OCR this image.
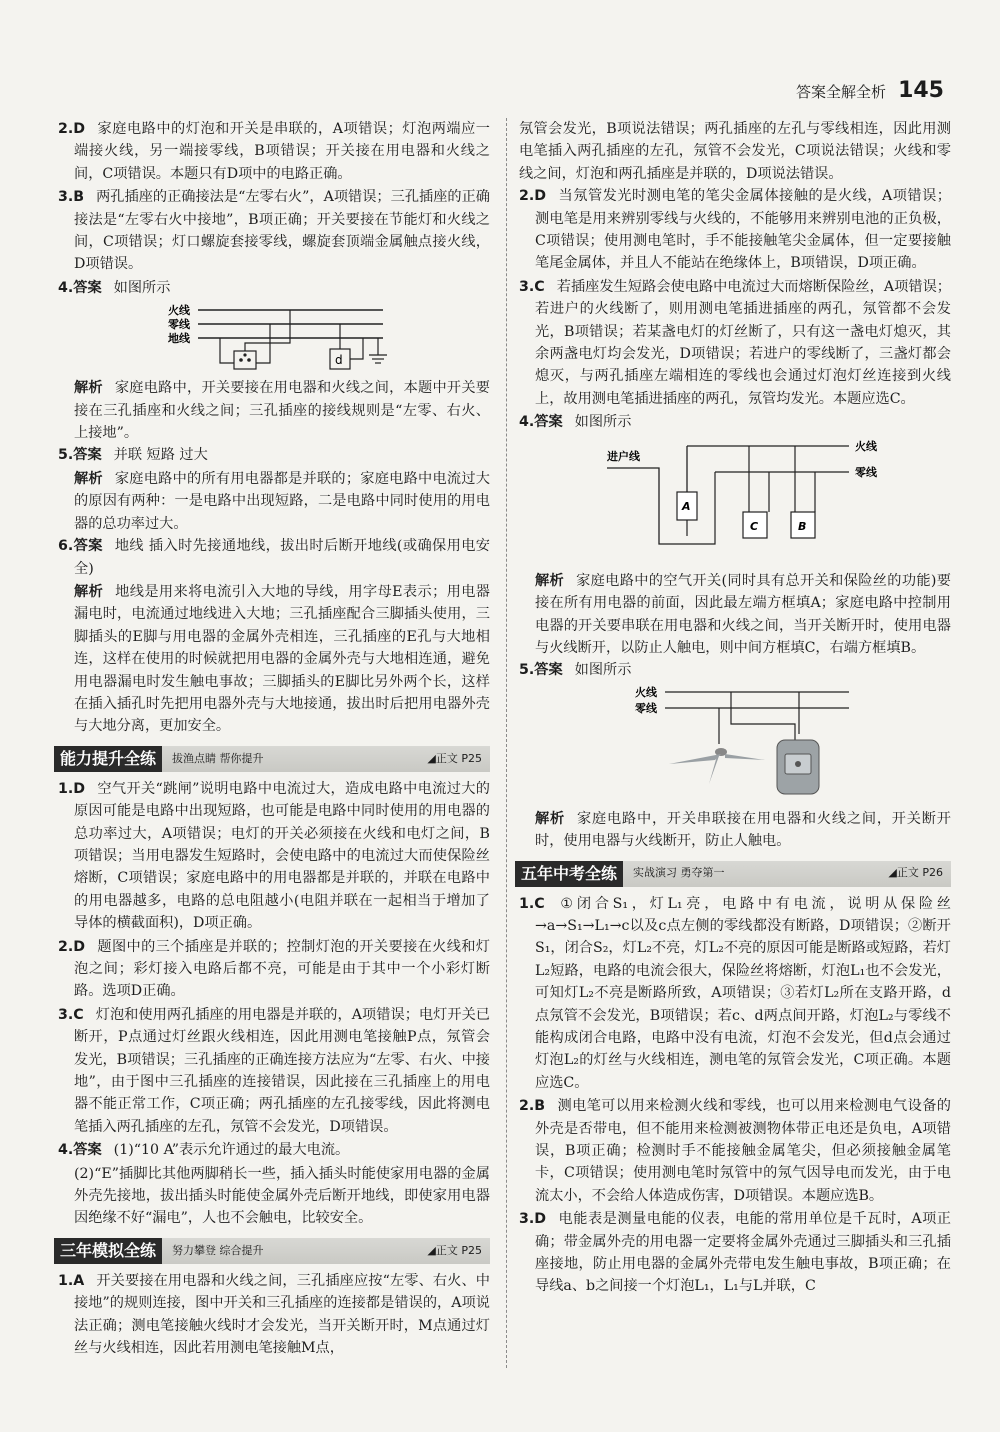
答案全解全析 145

2.D 家庭电路中的灯泡和开关是串联的，A项错误；灯泡两端应一端接火线，另一端接零线，B项错误；开关接在用电器和火线之间，C项错误。本题只有D项中的电路正确。

3.B 两孔插座的正确接法是“左零右火”，A项错误；三孔插座的正确接法是“左零右火中接地”，B项正确；开关要接在节能灯和火线之间，C项错误；灯口螺旋套接零线，螺旋套顶端金属触点接火线，D项错误。

4.答案 如图所示

火线
零线
地线
d

解析 家庭电路中，开关要接在用电器和火线之间，本题中开关要接在三孔插座和火线之间；三孔插座的接线规则是“左零、右火、上接地”。

5.答案 并联 短路 过大

解析 家庭电路中的所有用电器都是并联的；家庭电路中电流过大的原因有两种：一是电路中出现短路，二是电路中同时使用的用电器的总功率过大。

6.答案 地线 插入时先接通地线，拔出时后断开地线(或确保用电安全)

解析 地线是用来将电流引入大地的导线，用字母E表示；用电器漏电时，电流通过地线进入大地；三孔插座配合三脚插头使用，三脚插头的E脚与用电器的金属外壳相连，三孔插座的E孔与大地相连，这样在使用的时候就把用电器的金属外壳与大地相连通，避免用电器漏电时发生触电事故；三脚插头的E脚比另外两个长，这样在插入插孔时先把用电器外壳与大地接通，拔出时后把用电器外壳与大地分离，更加安全。

能力提升全练	拔渔点睛 帮你提升	◢正文 P25

1.D 空气开关“跳闸”说明电路中电流过大，造成电路中电流过大的原因可能是电路中出现短路，也可能是电路中同时使用的用电器的总功率过大，A项错误；电灯的开关必须接在火线和电灯之间，B项错误；当用电器发生短路时，会使电路中的电流过大而使保险丝熔断，C项错误；家庭电路中的用电器都是并联的，并联在电路中的用电器越多，电路的总电阻越小(电阻并联在一起相当于增加了导体的横截面积)，D项正确。

2.D 题图中的三个插座是并联的；控制灯泡的开关要接在火线和灯泡之间；彩灯接入电路后都不亮，可能是由于其中一个小彩灯断路。选项D正确。

3.C 灯泡和使用两孔插座的用电器是并联的，A项错误；电灯开关已断开，P点通过灯丝跟火线相连，因此用测电笔接触P点，氖管会发光，B项错误；三孔插座的正确连接方法应为“左零、右火、中接地”，由于图中三孔插座的连接错误，因此接在三孔插座上的用电器不能正常工作，C项正确；两孔插座的左孔接零线，因此将测电笔插入两孔插座的左孔，氖管不会发光，D项错误。

4.答案 (1)“10 A”表示允许通过的最大电流。

(2)“E”插脚比其他两脚稍长一些，插入插头时能使家用电器的金属外壳先接地，拔出插头时能使金属外壳后断开地线，即使家用电器因绝缘不好“漏电”，人也不会触电，比较安全。

三年模拟全练	努力攀登 综合提升	◢正文 P25

1.A 开关要接在用电器和火线之间，三孔插座应按“左零、右火、中接地”的规则连接，图中开关和三孔插座的连接都是错误的，A项说法正确；测电笔接触火线时才会发光，当开关断开时，M点通过灯丝与火线相连，因此若用测电笔接触M点，

氖管会发光，B项说法错误；两孔插座的左孔与零线相连，因此用测电笔插入两孔插座的左孔，氖管不会发光，C项说法错误；火线和零线之间，灯泡和两孔插座是并联的，D项说法错误。

2.D 当氖管发光时测电笔的笔尖金属体接触的是火线，A项错误；测电笔是用来辨别零线与火线的，不能够用来辨别电池的正负极，C项错误；使用测电笔时，手不能接触笔尖金属体，但一定要接触笔尾金属体，并且人不能站在绝缘体上，B项错误，D项正确。

3.C 若插座发生短路会使电路中电流过大而熔断保险丝，A项错误；若进户的火线断了，则用测电笔插进插座的两孔，氖管都不会发光，B项错误；若某盏电灯的灯丝断了，只有这一盏电灯熄灭，其余两盏电灯均会发光，D项错误；若进户的零线断了，三盏灯都会熄灭，与两孔插座左端相连的零线也会通过灯泡灯丝连接到火线上，故用测电笔插进插座的两孔，氖管均发光。本题应选C。

4.答案 如图所示

进户线
火线
零线
A
C	B

解析 家庭电路中的空气开关(同时具有总开关和保险丝的功能)要接在所有用电器的前面，因此最左端方框填A；家庭电路中控制用电器的开关要串联在用电器和火线之间，当开关断开时，使用电器与火线断开，以防止人触电，则中间方框填C，右端方框填B。

5.答案 如图所示

火线
零线

解析 家庭电路中，开关串联接在用电器和火线之间，开关断开时，使用电器与火线断开，防止人触电。

五年中考全练	实战演习 勇夺第一	◢正文 P26

1.C ①闭合S₁，灯L₁亮，电路中有电流，说明从保险丝→a→S₁→L₁→c以及c点左侧的零线都没有断路，D项错误；②断开S₁，闭合S₂，灯L₂不亮，灯L₂不亮的原因可能是断路或短路，若灯L₂短路，电路的电流会很大，保险丝将熔断，灯泡L₁也不会发光，可知灯L₂不亮是断路所致，A项错误；③若灯L₂所在支路开路，d点氖管不会发光，B项错误；若c、d两点间开路，灯泡L₂与零线不能构成闭合电路，电路中没有电流，灯泡不会发光，但d点会通过灯泡L₂的灯丝与火线相连，测电笔的氖管会发光，C项正确。本题应选C。

2.B 测电笔可以用来检测火线和零线，也可以用来检测电气设备的外壳是否带电，但不能用来检测被测物体带正电还是负电，A项错误，B项正确；检测时手不能接触金属笔尖，但必须接触金属笔卡，C项错误；使用测电笔时氖管中的氖气因导电而发光，由于电流太小，不会给人体造成伤害，D项错误。本题应选B。

3.D 电能表是测量电能的仪表，电能的常用单位是千瓦时，A项正确；带金属外壳的用电器一定要将金属外壳通过三脚插头和三孔插座接地，防止用电器的金属外壳带电发生触电事故，B项正确；在导线a、b之间接一个灯泡L₁，L₁与L并联，C
